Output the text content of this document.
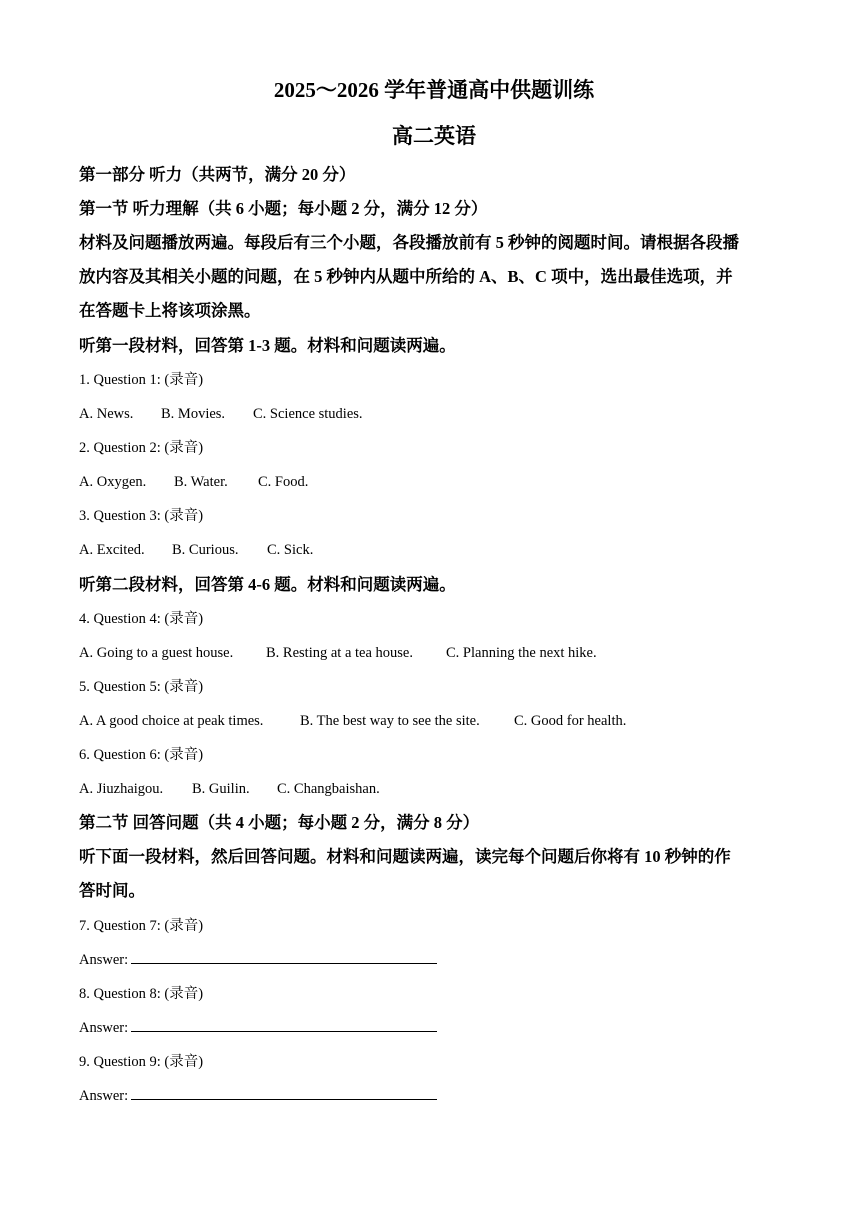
2025～2026 学年普通高中供题训练
高二英语
第一部分 听力（共两节，满分 20 分）
第一节 听力理解（共 6 小题；每小题 2 分，满分 12 分）
材料及问题播放两遍。每段后有三个小题，各段播放前有 5 秒钟的阅题时间。请根据各段播
放内容及其相关小题的问题，在 5 秒钟内从题中所给的 A、B、C 项中，选出最佳选项，并
在答题卡上将该项涂黑。
听第一段材料，回答第 1-3 题。材料和问题读两遍。
1. Question 1: (录音)
A. News. B. Movies. C. Science studies.
2. Question 2: (录音)
A. Oxygen. B. Water. C. Food.
3. Question 3: (录音)
A. Excited. B. Curious. C. Sick.
听第二段材料，回答第 4-6 题。材料和问题读两遍。
4. Question 4: (录音)
A. Going to a guest house. B. Resting at a tea house. C. Planning the next hike.
5. Question 5: (录音)
A. A good choice at peak times.	B. The best way to see the site. C. Good for health.
6. Question 6: (录音)
A. Jiuzhaigou. B. Guilin. C. Changbaishan.
第二节 回答问题（共 4 小题；每小题 2 分，满分 8 分）
听下面一段材料，然后回答问题。材料和问题读两遍，读完每个问题后你将有 10 秒钟的作
答时间。
7. Question 7: (录音)
Answer:
8. Question 8: (录音)
Answer:
9. Question 9: (录音)
Answer:
